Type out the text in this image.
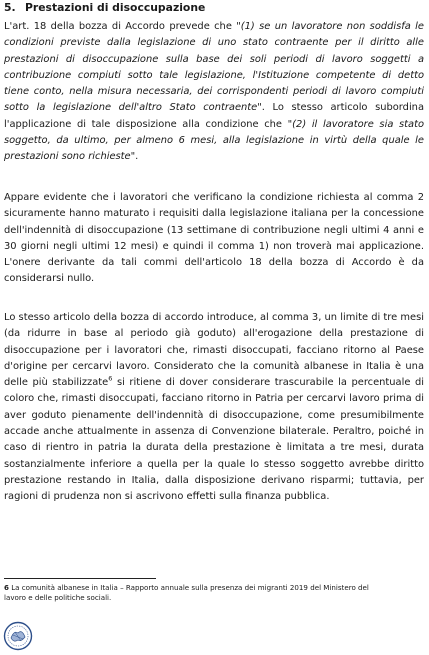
5. Prestazioni di disoccupazione
L'art. 18 della bozza di Accordo prevede che "(1) se un lavoratore non soddisfa le
condizioni previste dalla legislazione di uno stato contraente per il diritto alle
prestazioni di disoccupazione sulla base dei soli periodi di lavoro soggetti a
contribuzione compiuti sotto tale legislazione, l'Istituzione competente di detto
tiene conto, nella misura necessaria, dei corrispondenti periodi di lavoro compiuti
sotto la legislazione dell'altro Stato contraente". Lo stesso articolo subordina
l'applicazione di tale disposizione alla condizione che "(2) il lavoratore sia stato
soggetto, da ultimo, per almeno 6 mesi, alla legislazione in virtù della quale le
prestazioni sono richieste".
Appare evidente che i lavoratori che verificano la condizione richiesta al comma 2
sicuramente hanno maturato i requisiti dalla legislazione italiana per la concessione
dell'indennità di disoccupazione (13 settimane di contribuzione negli ultimi 4 anni e
30 giorni negli ultimi 12 mesi) e quindi il comma 1) non troverà mai applicazione.
L'onere derivante da tali commi dell'articolo 18 della bozza di Accordo è da
considerarsi nullo.
Lo stesso articolo della bozza di accordo introduce, al comma 3, un limite di tre mesi
(da ridurre in base al periodo già goduto) all'erogazione della prestazione di
disoccupazione per i lavoratori che, rimasti disoccupati, facciano ritorno al Paese
d'origine per cercarvi lavoro. Considerato che la comunità albanese in Italia è una
delle più stabilizzate$^6$ si ritiene di dover considerare trascurabile la percentuale di
coloro che, rimasti disoccupati, facciano ritorno in Patria per cercarvi lavoro prima di
aver goduto pienamente dell'indennità di disoccupazione, come presumibilmente
accade anche attualmente in assenza di Convenzione bilaterale. Peraltro, poiché in
caso di rientro in patria la durata della prestazione è limitata a tre mesi, durata
sostanzialmente inferiore a quella per la quale lo stesso soggetto avrebbe diritto
prestazione restando in Italia, dalla disposizione derivano risparmi; tuttavia, per
ragioni di prudenza non si ascrivono effetti sulla finanza pubblica.
6 La comunità albanese in Italia – Rapporto annuale sulla presenza dei migranti 2019 del Ministero del
lavoro e delle politiche sociali.
